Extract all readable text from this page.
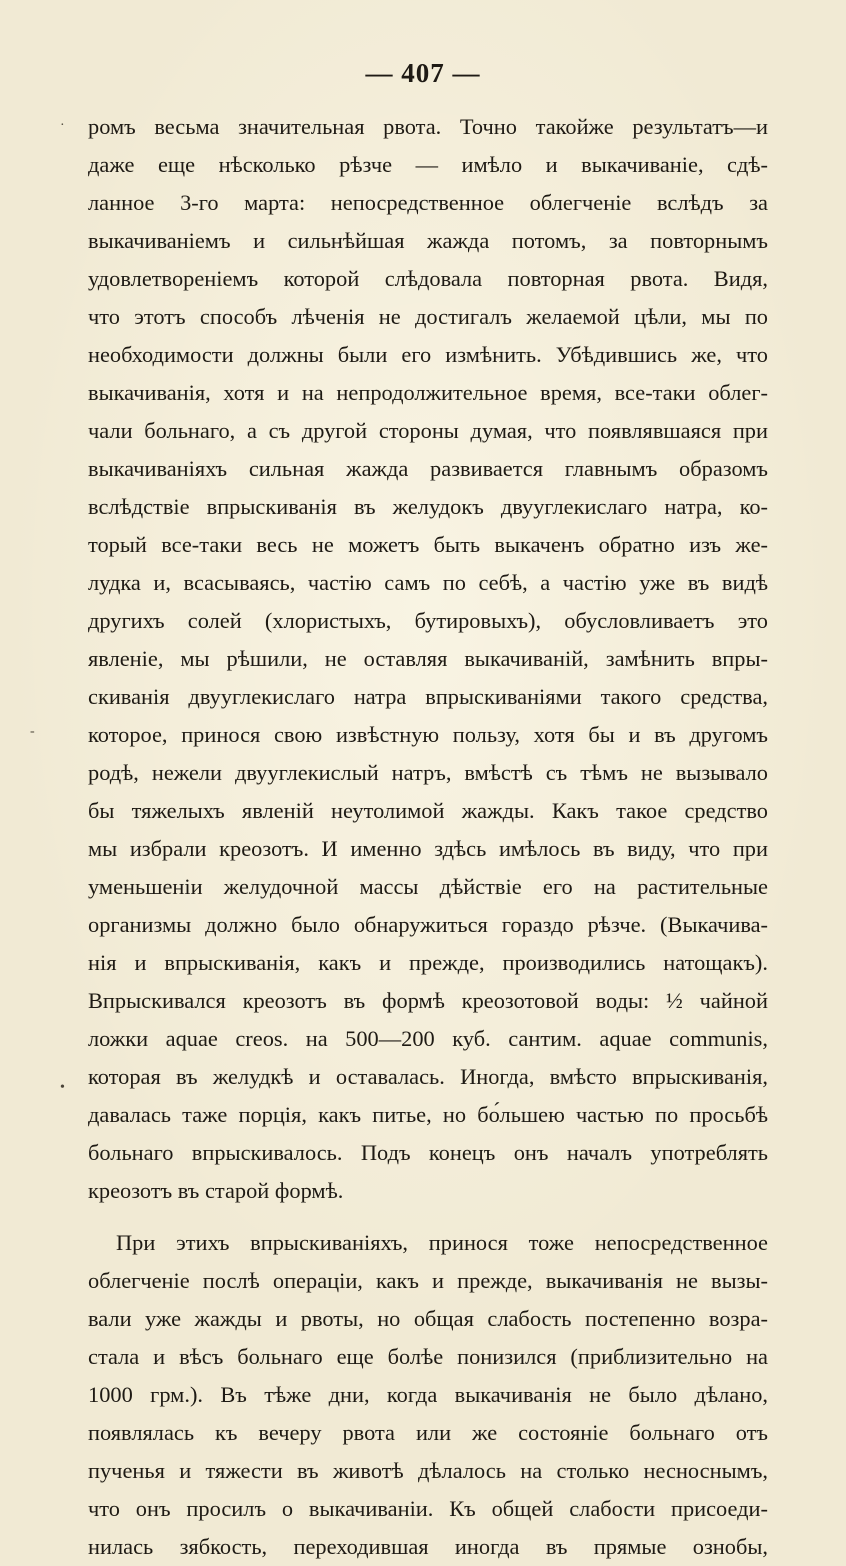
— 407 —
ромъ весьма значительная рвота. Точно такойже результатъ—и
даже еще нѣсколько рѣзче — имѣло и выкачиванiе, сдѣ-
ланное 3-го марта: непосредственное облегченiе вслѣдъ за
выкачиванiемъ и сильнѣйшая жажда потомъ, за повторнымъ
удовлетворенiемъ которой слѣдовала повторная рвота. Видя,
что этотъ способъ лѣченiя не достигалъ желаемой цѣли, мы по
необходимости должны были его измѣнить. Убѣдившись же, что
выкачиванiя, хотя и на непродолжительное время, все-таки облег-
чали больнаго, а съ другой стороны думая, что появлявшаяся при
выкачиванiяхъ сильная жажда развивается главнымъ образомъ
вслѣдствiе впрыскиванiя въ желудокъ двууглекислаго натра, ко-
торый все-таки весь не можетъ быть выкаченъ обратно изъ же-
лудка и, всасываясь, частiю самъ по себѣ, а частiю уже въ видѣ
другихъ солей (хлористыхъ, бутировыхъ), обусловливаетъ это
явленiе, мы рѣшили, не оставляя выкачиванiй, замѣнить впры-
скиванiя двууглекислаго натра впрыскиванiями такого средства,
которое, принося свою извѣстную пользу, хотя бы и въ другомъ
родѣ, нежели двууглекислый натръ, вмѣстѣ съ тѣмъ не вызывало
бы тяжелыхъ явленiй неутолимой жажды. Какъ такое средство
мы избрали креозотъ. И именно здѣсь имѣлось въ виду, что при
уменьшенiи желудочной массы дѣйствiе его на растительные
организмы должно было обнаружиться гораздо рѣзче. (Выкачива-
нiя и впрыскиванiя, какъ и прежде, производились натощакъ).
Впрыскивался креозотъ въ формѣ креозотовой воды: ½ чайной
ложки aquae creos. на 500—200 куб. сантим. aquae communis,
которая въ желудкѣ и оставалась. Иногда, вмѣсто впрыскиванiя,
давалась таже порцiя, какъ питье, но бо́льшею частью по просьбѣ
больнаго впрыскивалось. Подъ конецъ онъ началъ употреблять
креозотъ въ старой формѣ.
При этихъ впрыскиванiяхъ, принося тоже непосредственное
облегченiе послѣ операцiи, какъ и прежде, выкачиванiя не вызы-
вали уже жажды и рвоты, но общая слабость постепенно возра-
стала и вѣсъ больнаго еще болѣе понизился (приблизительно на
1000 грм.). Въ тѣже дни, когда выкачиванiя не было дѣлано,
появлялась къ вечеру рвота или же состоянiе больнаго отъ
пученья и тяжести въ животѣ дѣлалось на столько несноснымъ,
что онъ просилъ о выкачиванiи. Къ общей слабости присоеди-
нилась зябкость, переходившая иногда въ прямые ознобы,
·
-
•
